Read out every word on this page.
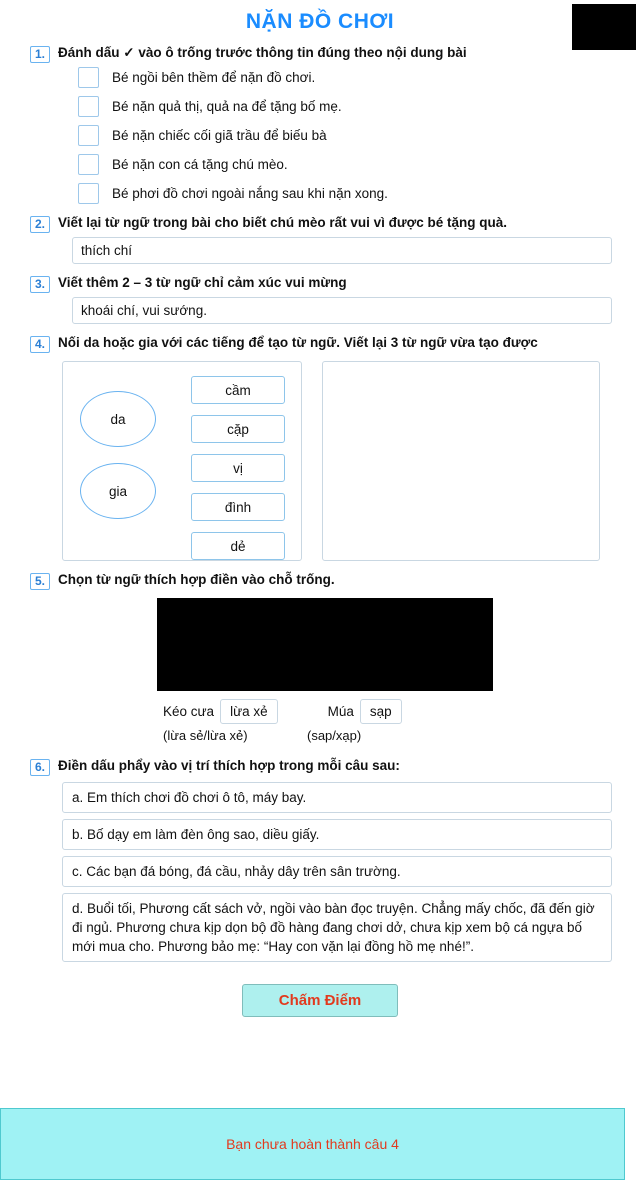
NẶN ĐỒ CHƠI
1. Đánh dấu ✓ vào ô trống trước thông tin đúng theo nội dung bài
Bé ngồi bên thềm để nặn đồ chơi.
Bé nặn quả thị, quả na để tặng bố mẹ.
Bé nặn chiếc cối giã trầu để biếu bà
Bé nặn con cá tặng chú mèo.
Bé phơi đồ chơi ngoài nắng sau khi nặn xong.
2. Viết lại từ ngữ trong bài cho biết chú mèo rất vui vì được bé tặng quà.
thích chí
3. Viết thêm 2 – 3 từ ngữ chỉ cảm xúc vui mừng
khoái chí, vui sướng.
4. Nối da hoặc gia với các tiếng để tạo từ ngữ. Viết lại 3 từ ngữ vừa tạo được
da
gia
cầm
cặp
vị
đình
dẻ
5. Chọn từ ngữ thích hợp điền vào chỗ trống.
Kéo cưa	lừa xẻ	Múa	sạp
(lừa sẻ/lừa xẻ)	(sap/xạp)
6. Điền dấu phẩy vào vị trí thích hợp trong mỗi câu sau:
a. Em thích chơi đồ chơi ô tô, máy bay.
b. Bố dạy em làm đèn ông sao, diều giấy.
c. Các bạn đá bóng, đá cầu, nhảy dây trên sân trường.
d. Buổi tối, Phương cất sách vở, ngồi vào bàn đọc truyện. Chẳng mấy chốc, đã đến giờ đi ngủ. Phương chưa kịp dọn bộ đồ hàng đang chơi dở, chưa kịp xem bộ cá ngựa bố mới mua cho. Phương bảo mẹ: “Hay con vặn lại đồng hồ mẹ nhé!”.
Chấm Điểm
Bạn chưa hoàn thành câu 4
